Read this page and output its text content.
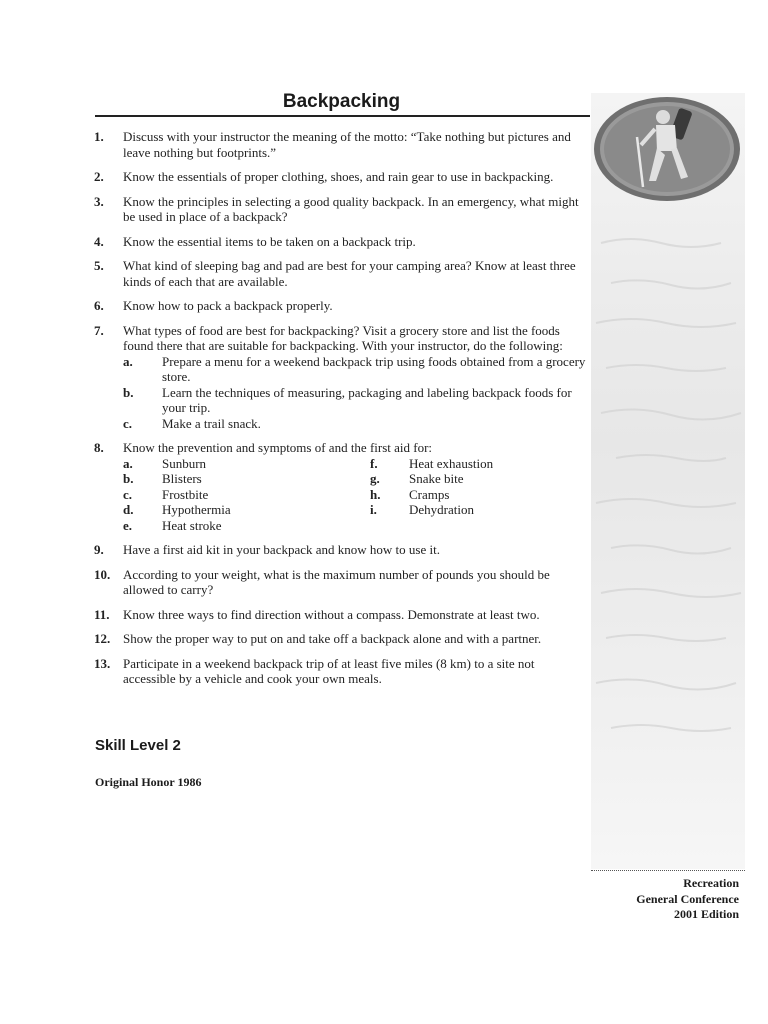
Backpacking
1. Discuss with your instructor the meaning of the motto: “Take nothing but pictures and leave nothing but footprints.”
2. Know the essentials of proper clothing, shoes, and rain gear to use in backpacking.
3. Know the principles in selecting a good quality backpack. In an emergency, what might be used in place of a backpack?
4. Know the essential items to be taken on a backpack trip.
5. What kind of sleeping bag and pad are best for your camping area? Know at least three kinds of each that are available.
6. Know how to pack a backpack properly.
7. What types of food are best for backpacking? Visit a grocery store and list the foods found there that are suitable for backpacking. With your instructor, do the following:
a. Prepare a menu for a weekend backpack trip using foods obtained from a grocery store.
b. Learn the techniques of measuring, packaging and labeling backpack foods for your trip.
c. Make a trail snack.
8. Know the prevention and symptoms of and the first aid for:
a. Sunburn
b. Blisters
c. Frostbite
d. Hypothermia
e. Heat stroke
f. Heat exhaustion
g. Snake bite
h. Cramps
i. Dehydration
9. Have a first aid kit in your backpack and know how to use it.
10. According to your weight, what is the maximum number of pounds you should be allowed to carry?
11. Know three ways to find direction without a compass. Demonstrate at least two.
12. Show the proper way to put on and take off a backpack alone and with a partner.
13. Participate in a weekend backpack trip of at least five miles (8 km) to a site not accessible by a vehicle and cook your own meals.
Skill Level 2
Original Honor 1986
Recreation
General Conference
2001 Edition
